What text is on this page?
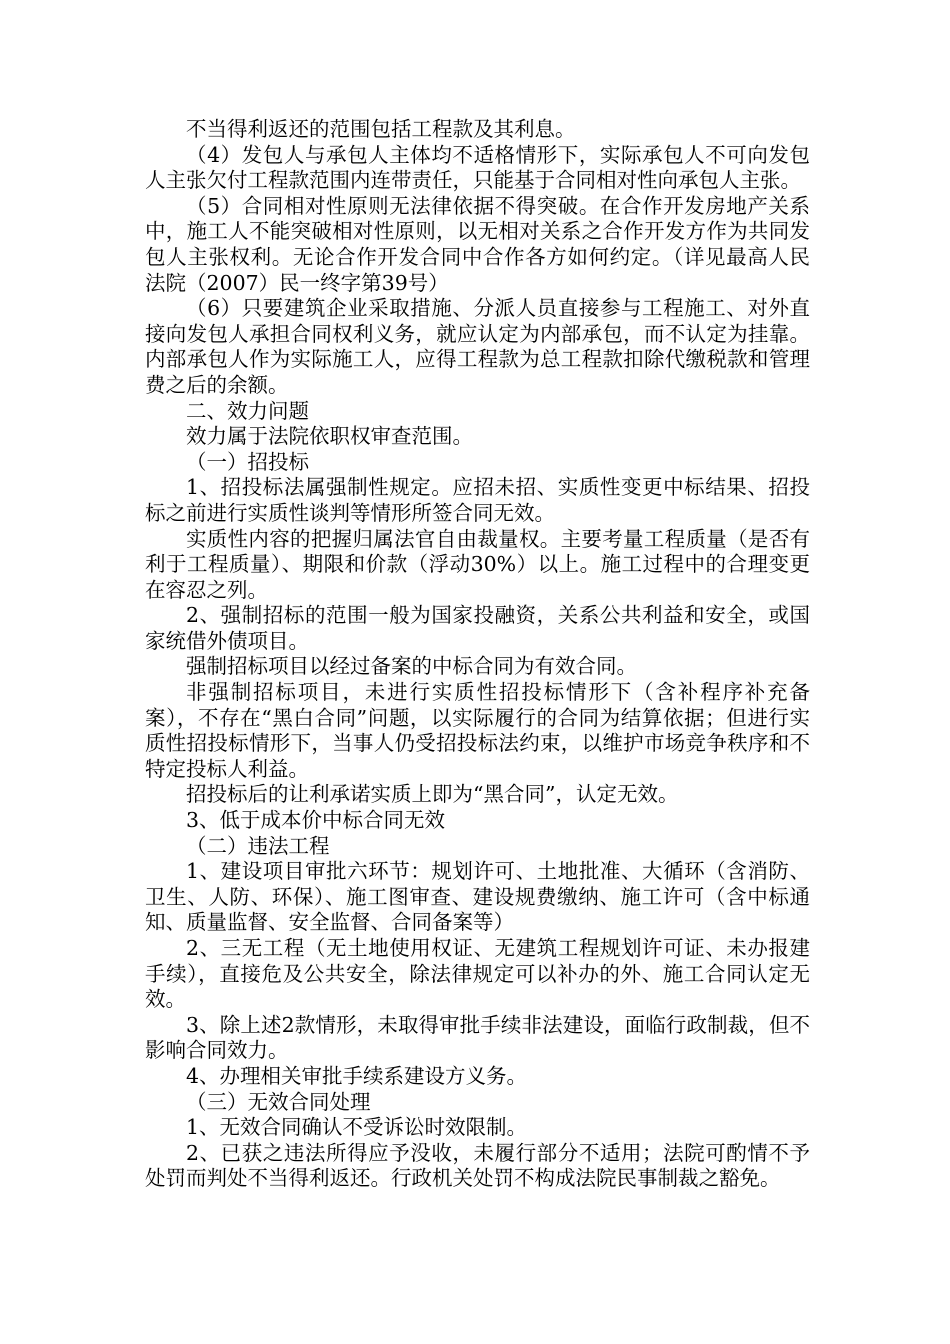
不当得利返还的范围包括工程款及其利息。

（4）发包人与承包人主体均不适格情形下，实际承包人不可向发包人主张欠付工程款范围内连带责任，只能基于合同相对性向承包人主张。

（5）合同相对性原则无法律依据不得突破。在合作开发房地产关系中，施工人不能突破相对性原则，以无相对关系之合作开发方作为共同发包人主张权利。无论合作开发合同中合作各方如何约定。（详见最高人民法院（2007）民一终字第39号）

（6）只要建筑企业采取措施、分派人员直接参与工程施工、对外直接向发包人承担合同权利义务，就应认定为内部承包，而不认定为挂靠。内部承包人作为实际施工人，应得工程款为总工程款扣除代缴税款和管理费之后的余额。

二、效力问题

效力属于法院依职权审查范围。

（一）招投标

1、招投标法属强制性规定。应招未招、实质性变更中标结果、招投标之前进行实质性谈判等情形所签合同无效。

实质性内容的把握归属法官自由裁量权。主要考量工程质量（是否有利于工程质量）、期限和价款（浮动30%）以上。施工过程中的合理变更在容忍之列。

2、强制招标的范围一般为国家投融资，关系公共利益和安全，或国家统借外债项目。

强制招标项目以经过备案的中标合同为有效合同。

非强制招标项目，未进行实质性招投标情形下（含补程序补充备案），不存在“黑白合同”问题，以实际履行的合同为结算依据；但进行实质性招投标情形下，当事人仍受招投标法约束，以维护市场竞争秩序和不特定投标人利益。

招投标后的让利承诺实质上即为“黑合同”，认定无效。

3、低于成本价中标合同无效

（二）违法工程

1、建设项目审批六环节：规划许可、土地批准、大循环（含消防、卫生、人防、环保）、施工图审查、建设规费缴纳、施工许可（含中标通知、质量监督、安全监督、合同备案等）

2、三无工程（无土地使用权证、无建筑工程规划许可证、未办报建手续），直接危及公共安全，除法律规定可以补办的外、施工合同认定无效。

3、除上述2款情形，未取得审批手续非法建设，面临行政制裁，但不影响合同效力。

4、办理相关审批手续系建设方义务。

（三）无效合同处理

1、无效合同确认不受诉讼时效限制。

2、已获之违法所得应予没收，未履行部分不适用；法院可酌情不予处罚而判处不当得利返还。行政机关处罚不构成法院民事制裁之豁免。
